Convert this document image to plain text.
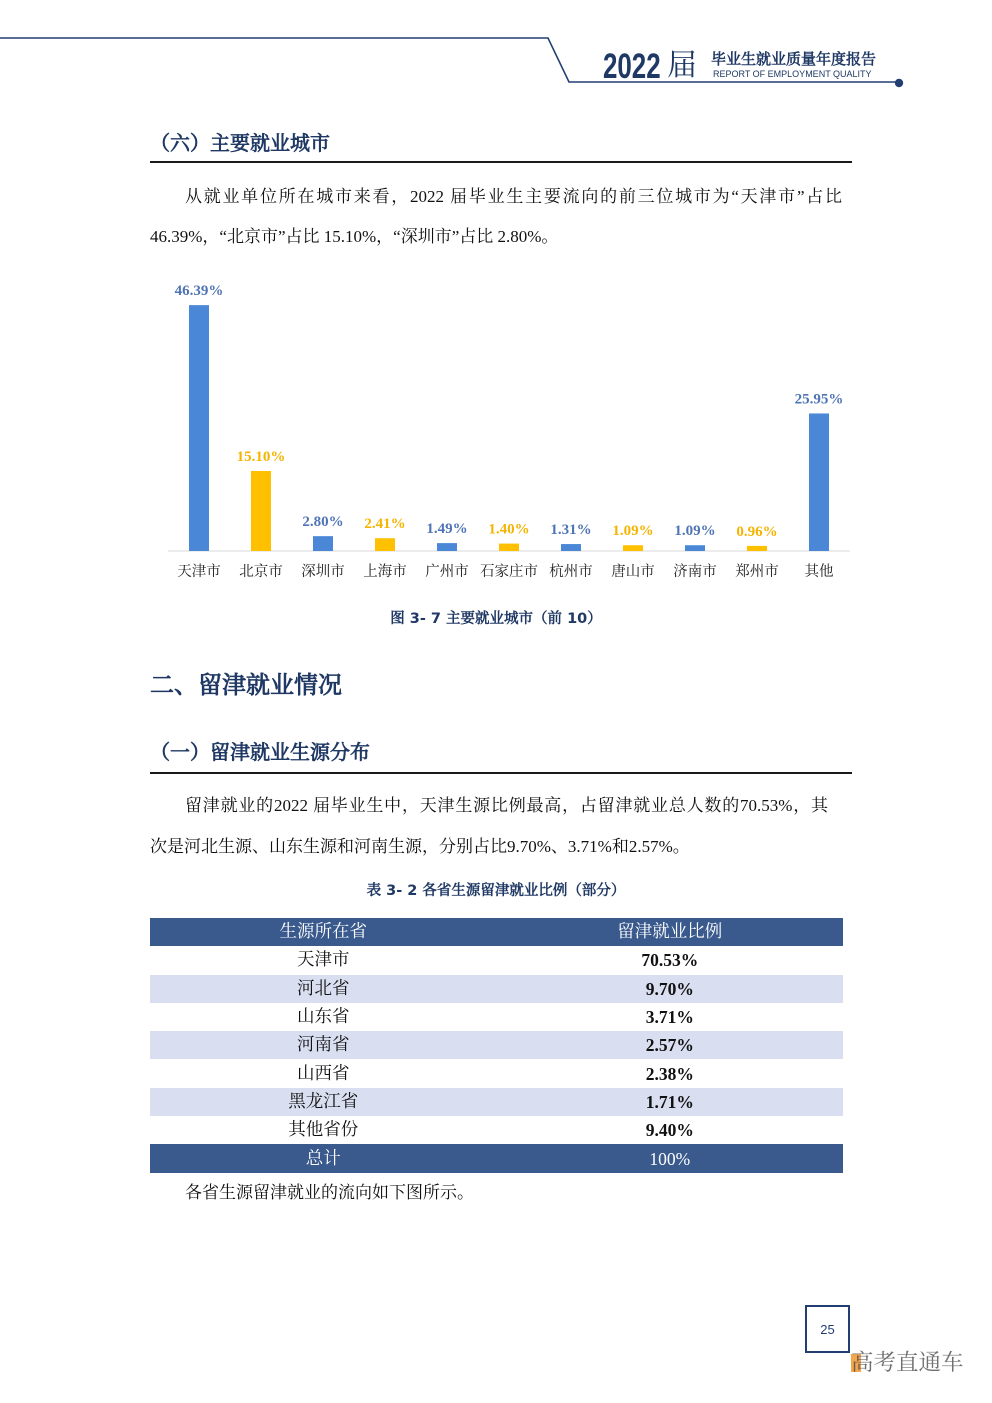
2022 届 毕业生就业质量年度报告
REPORT OF EMPLOYMENT QUALITY
（六）主要就业城市
从就业单位所在城市来看，2022 届毕业生主要流向的前三位城市为“天津市”占比
46.39%，“北京市”占比 15.10%，“深圳市”占比 2.80%。
46.39%
15.10%
2.80% 2.41% 1.49% 1.40% 1.31% 1.09% 1.09% 0.96%
25.95%
天津市 北京市 深圳市 上海市 广州市 石家庄市 杭州市 唐山市 济南市 郑州市 其他
图 3- 7 主要就业城市（前 10）
二、留津就业情况
（一）留津就业生源分布
留津就业的2022 届毕业生中，天津生源比例最高，占留津就业总人数的70.53%，其
次是河北生源、山东生源和河南生源，分别占比9.70%、3.71%和2.57%。
表 3- 2 各省生源留津就业比例（部分）
生源所在省	留津就业比例
天津市	70.53%
河北省	9.70%
山东省	3.71%
河南省	2.57%
山西省	2.38%
黑龙江省	1.71%
其他省份	9.40%
总计	100%
各省生源留津就业的流向如下图所示。
25
高考直通车
